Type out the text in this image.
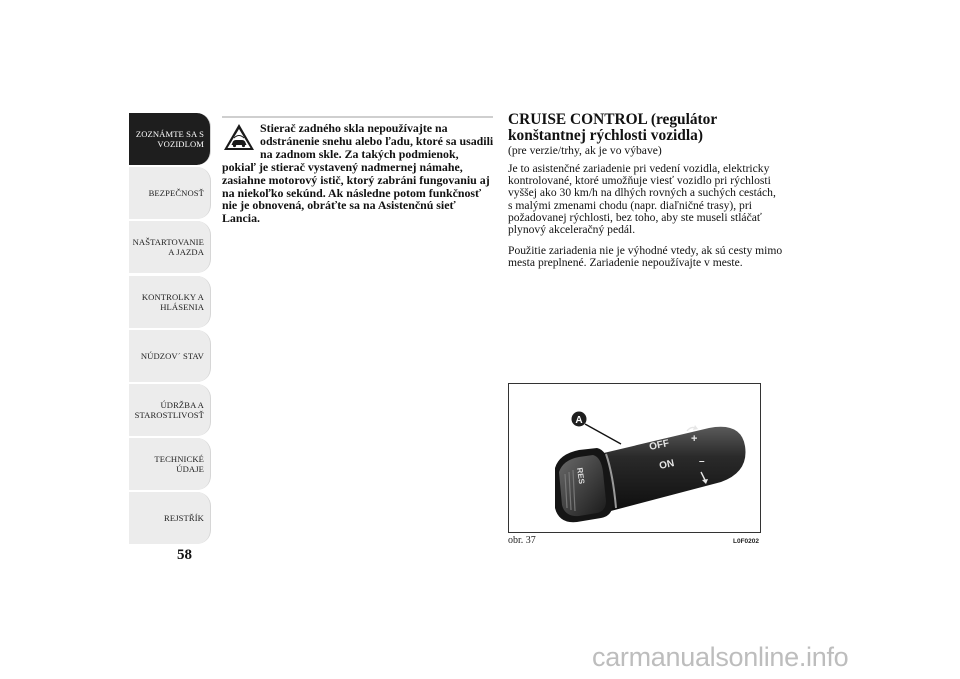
ZOZNÁMTE SA S
VOZIDLOM
BEZPEČNOSŤ
NAŠTARTOVANIE
A JAZDA
KONTROLKY A
HLÁSENIA
NÚDZOV´ STAV
ÚDRŽBA A
STAROSTLIVOSŤ
TECHNICKÉ
ÚDAJE
REJSTŘÍK
58
Stierač zadného skla nepoužívajte na odstránenie snehu alebo ľadu, ktoré sa usadili na zadnom skle. Za takých podmienok, pokiaľ je stierač vystavený nadmernej námahe, zasiahne motorový istič, ktorý zabráni fungovaniu aj na niekoľko sekúnd. Ak následne potom funkčnosť nie je obnovená, obráťte sa na Asistenčnú sieť Lancia.
CRUISE CONTROL (regulátor
konštantnej rýchlosti vozidla)
(pre verzie/trhy, ak je vo výbave)
Je to asistenčné zariadenie pri vedení vozidla, elektricky kontrolované, ktoré umožňuje viesť vozidlo pri rýchlosti vyššej ako 30 km/h na dlhých rovných a suchých cestách, s malými zmenami chodu (napr. diaľničné trasy), pri požadovanej rýchlosti, bez toho, aby ste museli stláčať plynový akceleračný pedál.
Použitie zariadenia nie je výhodné vtedy, ak sú cesty mimo mesta preplnené. Zariadenie nepoužívajte v meste.
A
OFF
ON
+
–
RES
obr. 37	L0F0202
carmanualsonline.info
